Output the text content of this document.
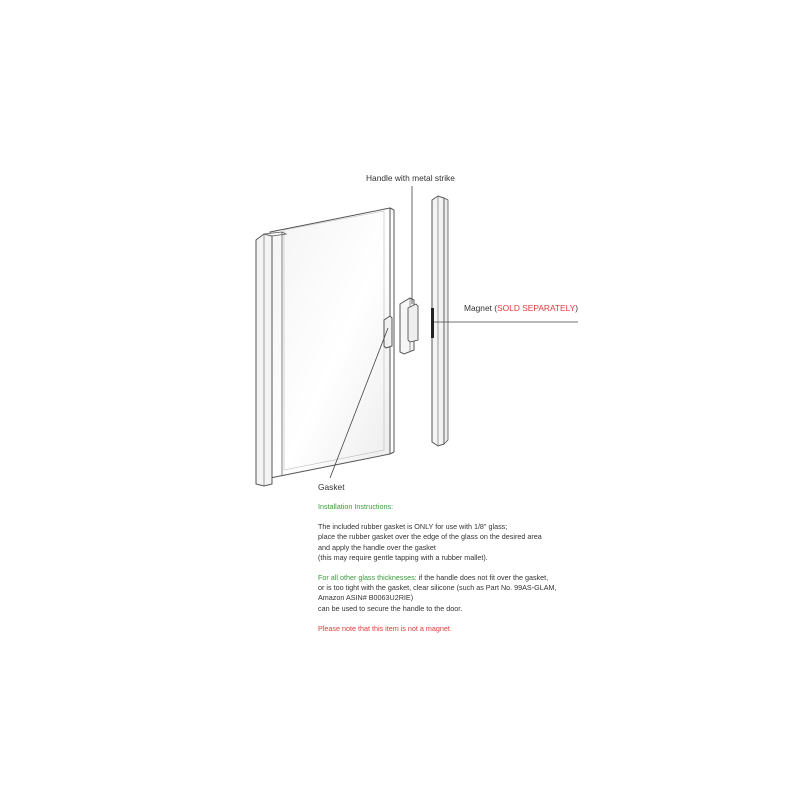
Handle with metal strike
Magnet (SOLD SEPARATELY)
Gasket
Installation Instructions:
The included rubber gasket is ONLY for use with 1/8" glass;
place the rubber gasket over the edge of the glass on the desired area
and apply the handle over the gasket
(this may require gentle tapping with a rubber mallet).
For all other glass thicknesses: if the handle does not fit over the gasket,
or is too tight with the gasket, clear silicone (such as Part No. 99AS-GLAM,
Amazon ASIN# B0063U2RIE)
can be used to secure the handle to the door.
Please note that this item is not a magnet.
